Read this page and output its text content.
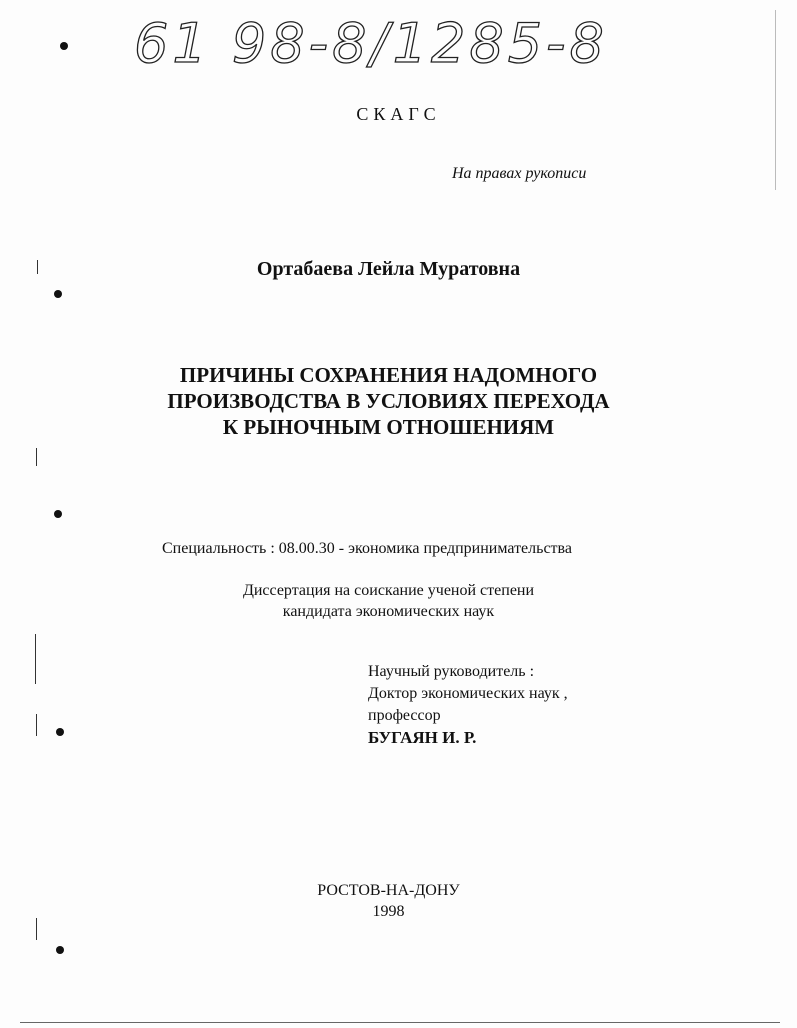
61 98-8/1285-8
СКАГС
На правах рукописи
Ортабаева Лейла Муратовна
ПРИЧИНЫ СОХРАНЕНИЯ НАДОМНОГО
ПРОИЗВОДСТВА В УСЛОВИЯХ ПЕРЕХОДА
К РЫНОЧНЫМ ОТНОШЕНИЯМ
Специальность : 08.00.30 - экономика предпринимательства
Диссертация на соискание ученой степени
кандидата экономических наук
Научный руководитель :
Доктор экономических наук ,
профессор
БУГАЯН И. Р.
РОСТОВ-НА-ДОНУ
1998
